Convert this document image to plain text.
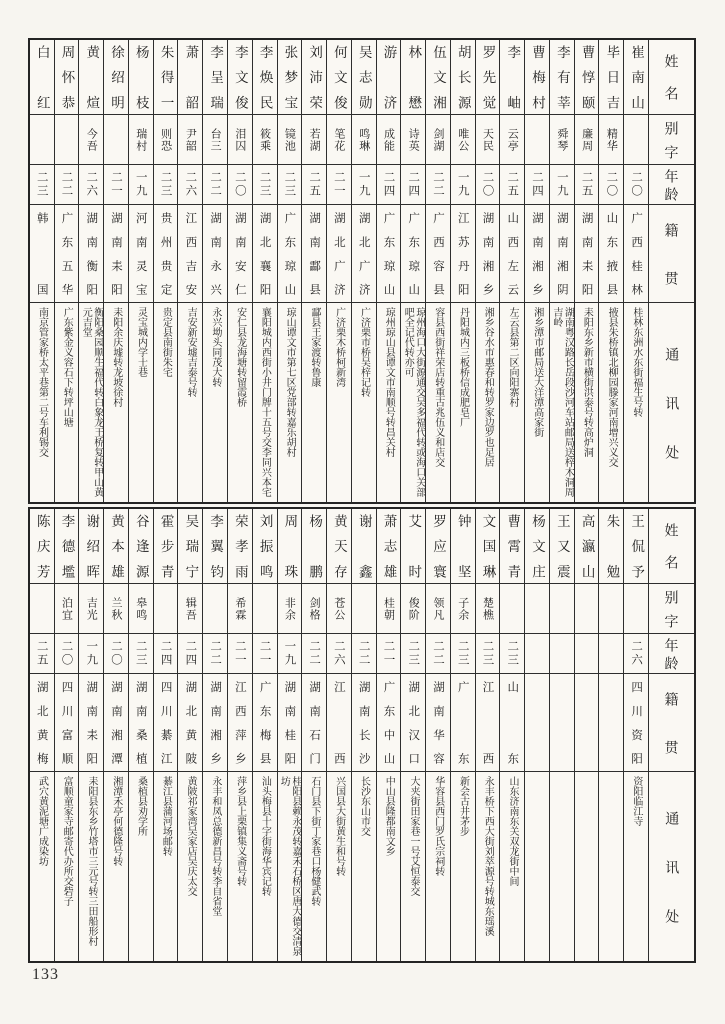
姓名
别字
年龄
籍贯
通讯处
崔南山
二〇
广西桂林
桂林东洲水东街福生号转
毕日吉
精华
二〇
山东掖县
掖县朱桥镇北柳园滕家河南增兴义交
曹惇颐
廉周
二五
湖南耒阳
耒阳东乡新市横街洪泰号转高炉洞
李有莘
舜琴
一九
湖南湘阴
湖南粤汉路长岳段沙河车站邮局送梓木洞周吉岭
曹梅村
二四
湖南湘乡
湘乡潭市邮局送大洋潭高家街
李岫
云亭
二五
山西左云
左云县第二区向阳寨村
罗先觉
天民
二〇
湖南湘乡
湘乡谷水市惠春和转罗家边罗也足居
胡长源
唯公
一九
江苏丹阳
丹阳城内三板桥信成肥皂厂
伍文湘
剑湖
二二
广西容县
容县西街祥荣店转重古兆伍义和店交
林懋
诗英
二四
广东琼山
琼州海口大街源通交吴多福代转或海口关部吧全记代转亦可
游济
成能
二四
广东琼山
琼州琼山县谭文市南顺号转昌关村
吴志勋
鸣琳
一九
湖北广济
广济栗市桥吴梓记转
何文俊
笔花
二一
湖北广济
广济栗木桥柯新湾
刘沛荣
若湖
二五
湖南酃县
酃县王家渡转鲁康
张梦宝
镜池
二三
广东琼山
琼山谭文市第七区党部转嘉乐胡村
李焕民
筱乘
二三
湖北襄阳
襄阳城内西街小井门牌十五号交李同兴本宅
李文俊
泪囚
二〇
湖南安仁
安仁县龙海塘转留霞桥
李呈瑞
台三
二二
湖南永兴
永兴坳头同茂大转
萧韶
尹韶
二六
江西吉安
吉安新安墟吉泰号转
朱得一
则恐
二三
贵州贵定
贵定县南街朱宅
杨枝
瑞村
一九
河南灵宝
灵宝城内学士巷
徐绍明
二一
湖南耒阳
耒阳余庆墟转龙坡徐村
黄煊
今吾
二六
湖南衡阳
衡阳桑园顺生福代转白象龙王桥复转甲山黄元吉堂
周怀恭
二二
广东五华
广东紫金义容石下转坪山塘
白红
二三
韩国
南京管家桥太平巷第二号车利锡交
姓名
别字
年龄
籍贯
通讯处
王侃予
二六
四川资阳
资阳临江寺
朱勉
高瀛山
王又震
杨文庄
曹霄青
二三
山东
山东济南东关双龙街中间
文国琳
楚樵
二三
江西
永丰桥下西大街刘萃源号转城东瑶溪
钟坚
子余
二三
广东
新会古井茅步
罗应寰
领凡
二二
湖南华容
华容县西门罗氏宗祠转
艾时
俊阶
二三
湖北汉口
大夹街田家巷一号艾恒泰交
萧志雄
桂朝
二一
广东中山
中山县隆都南文乡
谢鑫
二二
湖南长沙
长沙东山市交
黄天存
苍公
二六
江西
兴国县大街黄生和号转
杨鹏
剑格
二二
湖南石门
石门县下街丁家巷口杨健武转
周珠
非余
一九
湖南桂阳
桂阳县赖永茂转嘉禾石桥区唐大德交清泉坊
刘振鸣
二一
广东梅县
汕头梅县十字街海华宾记转
荣孝雨
希霖
二一
江西萍乡
萍乡县上栗镇集义斋号转
李翼钧
二二
湖南湘乡
永丰和凤总德新昌号转李自省堂
吴瑞宁
辑吾
二四
湖北黄陂
黄陂祁家湾吴家店吴庆太交
霍步青
二四
四川綦江
綦江县蒲河场邮转
谷逢源
皋鸣
二三
湖南桑植
桑植县劝学所
黄本雄
兰秋
二〇
湖南湘潭
湘潭禾亭何德隆号转
谢绍晖
吉光
一九
湖南耒阳
耒阳县东乡竹塔市三元号转三田船形村
李德壏
泊宜
二〇
四川富顺
富顺童家寺邮寄代办所交砦子
陈庆芳
二五
湖北黄梅
武穴黄泥塘广成染坊
133
